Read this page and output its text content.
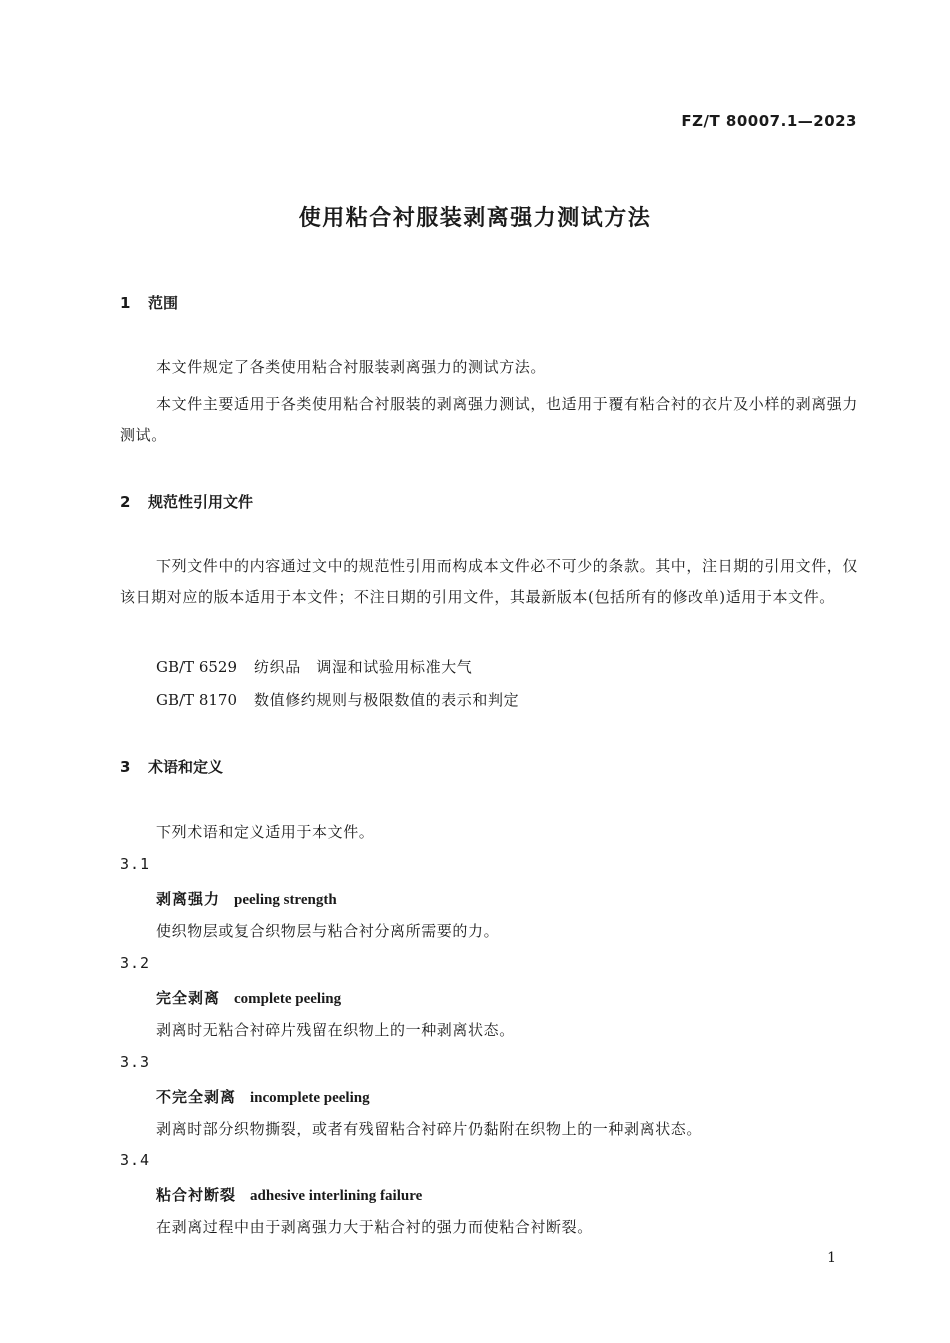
FZ/T 80007.1—2023
使用粘合衬服装剥离强力测试方法
1 范围
本文件规定了各类使用粘合衬服装剥离强力的测试方法。
本文件主要适用于各类使用粘合衬服装的剥离强力测试，也适用于覆有粘合衬的衣片及小样的剥离强力测试。
2 规范性引用文件
下列文件中的内容通过文中的规范性引用而构成本文件必不可少的条款。其中，注日期的引用文件，仅该日期对应的版本适用于本文件；不注日期的引用文件，其最新版本(包括所有的修改单)适用于本文件。
GB/T 6529 纺织品　调湿和试验用标准大气
GB/T 8170 数值修约规则与极限数值的表示和判定
3 术语和定义
下列术语和定义适用于本文件。
3.1
剥离强力 peeling strength
使织物层或复合织物层与粘合衬分离所需要的力。
3.2
完全剥离 complete peeling
剥离时无粘合衬碎片残留在织物上的一种剥离状态。
3.3
不完全剥离 incomplete peeling
剥离时部分织物撕裂，或者有残留粘合衬碎片仍黏附在织物上的一种剥离状态。
3.4
粘合衬断裂 adhesive interlining failure
在剥离过程中由于剥离强力大于粘合衬的强力而使粘合衬断裂。
1
